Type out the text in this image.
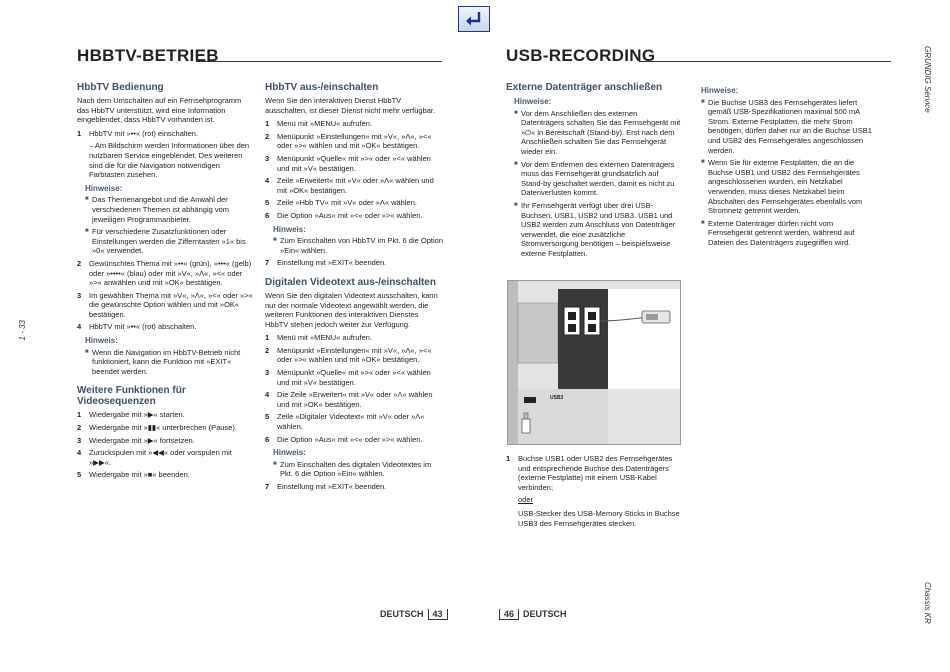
HBBTV-BETRIEB
HbbTV Bedienung

Nach dem Umschalten auf ein Fernsehprogramm das HbbTV unterstützt, wird eine Information eingeblendet, dass HbbTV vorhanden ist.

1	HbbTV mit »••« (rot) einschalten.
– Am Bildschirm werden Informationen über den nutzbaren Service eingeblendet. Des weiteren sind die für die Navigation notwendigen Farbtasten zusehen.
Hinweise:
■ Das Themenangebot und die Anwahl der verschiedenen Themen ist abhängig vom jeweiligen Programmanbieter.
■ Für verschiedene Zusatzfunktionen oder Einstellungen werden die Zifferntasten »1« bis »0« verwendet.
2	Gewünschtes Thema mit »••« (grün), »•••« (gelb) oder »••••« (blau) oder mit »V«, »Λ«, »<« oder »>« anwählen und mit »OK« bestätigen.
3	Im gewählten Thema mit »V«, »Λ«, »<« oder »>« die gewünschte Option wählen und mit »OK« bestätigen.
4	HbbTV mit »••« (rot) abschalten.
Hinweis:
■ Wenn die Navigation im HbbTV-Betrieb nicht funktioniert, kann die Funktion mit »EXIT« beendet werden.
Weitere Funktionen für Videosequenzen
1	Wiedergabe mit »▶« starten.
2	Wiedergabe mit »▮▮« unterbrechen (Pause).
3	Wiedergabe mit »▶« fortsetzen.
4	Zurückspulen mit »◀◀« oder vorspulen mit »▶▶«.
5	Wiedergabe mit »■« beenden.
HbbTV aus-/einschalten

Wenn Sie den interaktiven Dienst HbbTV ausschalten, ist dieser Dienst nicht mehr verfügbar.

1	Menü mit »MENU« aufrufen.
2	Menüpunkt »Einstellungen« mit »V«, »Λ«, »<« oder »>« wählen und mit »OK« bestätigen.
3	Menüpunkt »Quelle« mit »>« oder »<« wählen und mit »V« bestätigen.
4	Zeile »Erweitert« mit »V« oder »Λ« wählen und mit »OK« bestätigen.
5	Zeile »Hbb TV« mit »V« oder »Λ« wählen.
6	Die Option »Aus« mit »<« oder »>« wählen.
Hinweis:
■ Zum Einschalten von HbbTV im Pkt. 6 die Option »Ein« wählen.
7	Einstellung mit »EXIT« beenden.
Digitalen Videotext aus-/einschalten

Wenn Sie den digitalen Videotext ausschalten, kann nur der normale Videotext angewählt werden, die weiteren Funktionen des interaktiven Dienstes HbbTV stehen jedoch weiter zur Verfügung.

1	Menü mit »MENU« aufrufen.
2	Menüpunkt »Einstellungen« mit »V«, »Λ«, »<« oder »>« wählen und mit »OK« bestätigen.
3	Menüpunkt »Quelle« mit »>« oder »<« wählen und mit »V« bestätigen.
4	Die Zeile »Erweitert« mit »V« oder »Λ« wählen und mit »OK« bestätigen.
5	Zeile »Digitaler Videotext« mit »V« oder »Λ« wählen.
6	Die Option »Aus« mit »<« oder »>« wählen.
Hinweis:
■ Zum Einschalten des digitalen Videotextes im Pkt. 6 die Option »Ein« wählen.
7	Einstellung mit »EXIT« beenden.
1 - 33
DEUTSCH 43
USB-RECORDING
Externe Datenträger anschließen
Hinweise:
■ Vor dem Anschließen des externen Datenträgers schalten Sie das Fernsehgerät mit »⏻« in Bereitschaft (Stand-by). Erst nach dem Anschließen schalten Sie das Fernsehgerät wieder ein.
■ Vor dem Entfernen des externen Datenträgers muss das Fernsehgerät grundsätzlich auf Stand-by geschaltet werden, damit es nicht zu Datenverlusten kommt.
■ Ihr Fernsehgerät verfügt über drei USB-Buchsen, USB1, USB2 und USB3. USB1 und USB2 werden zum Anschluss von Datenträger verwendet, die eine zusätzliche Stromversorgung benötigen – beispielsweise externe Festplatten.
USB3
1	Buchse USB1 oder USB2 des Fernsehgerätes und entsprechende Buchse des Datenträgers (externe Festplatte) mit einem USB-Kabel verbinden;

oder

USB-Stecker des USB-Memory Sticks in Buchse USB3 des Fernsehgerätes stecken.

Hinweise:
■ Die Buchse USB3 des Fernsehgerätes liefert gemäß USB-Spezifikationen maximal 500 mA Strom. Externe Festplatten, die mehr Strom benötigen, dürfen daher nur an die Buchse USB1 und USB2 des Fernsehgerätes angeschlossen werden.
■ Wenn Sie für externe Festplatten, die an die Buchse USB1 und USB2 des Fernsehgerätes angeschlossenen wurden, ein Netzkabel verwenden, muss dieses Netzkabel beim Abschalten des Fernsehgerätes ebenfalls vom Stromnetz getrennt werden.
■ Externe Datenträger dürfen nicht vom Fernsehgerät getrennt werden, während auf Dateien des Datenträgers zugegriffen wird.
GRUNDIG Service
Chassis KR
46 DEUTSCH
